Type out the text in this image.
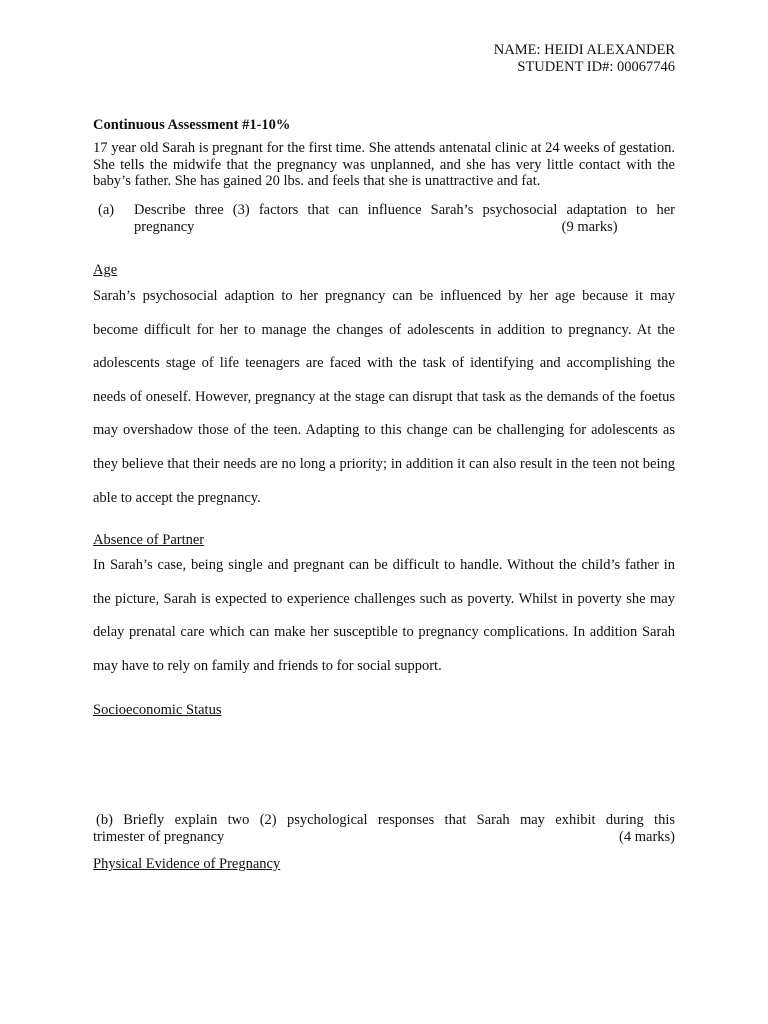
NAME: HEIDI ALEXANDER
STUDENT ID#: 00067746
Continuous Assessment #1-10%
17 year old Sarah is pregnant for the first time. She attends antenatal clinic at 24 weeks of gestation. She tells the midwife that the pregnancy was unplanned, and she has very little contact with the baby’s father. She has gained 20 lbs. and feels that she is unattractive and fat.
(a) Describe three (3) factors that can influence Sarah’s psychosocial adaptation to her pregnancy	(9 marks)
Age
Sarah’s psychosocial adaption to her pregnancy can be influenced by her age because it may become difficult for her to manage the changes of adolescents in addition to pregnancy. At the adolescents stage of life teenagers are faced with the task of identifying and accomplishing the needs of oneself. However, pregnancy at the stage can disrupt that task as the demands of the foetus may overshadow those of the teen. Adapting to this change can be challenging for adolescents as they believe that their needs are no long a priority; in addition it can also result in the teen not being able to accept the pregnancy.
Absence of Partner
In Sarah’s case, being single and pregnant can be difficult to handle. Without the child’s father in the picture, Sarah is expected to experience challenges such as poverty. Whilst in poverty she may delay prenatal care which can make her susceptible to pregnancy complications. In addition Sarah may have to rely on family and friends to for social support.
Socioeconomic Status
(b) Briefly explain two (2) psychological responses that Sarah may exhibit during this
trimester of pregnancy	(4 marks)
Physical Evidence of Pregnancy
